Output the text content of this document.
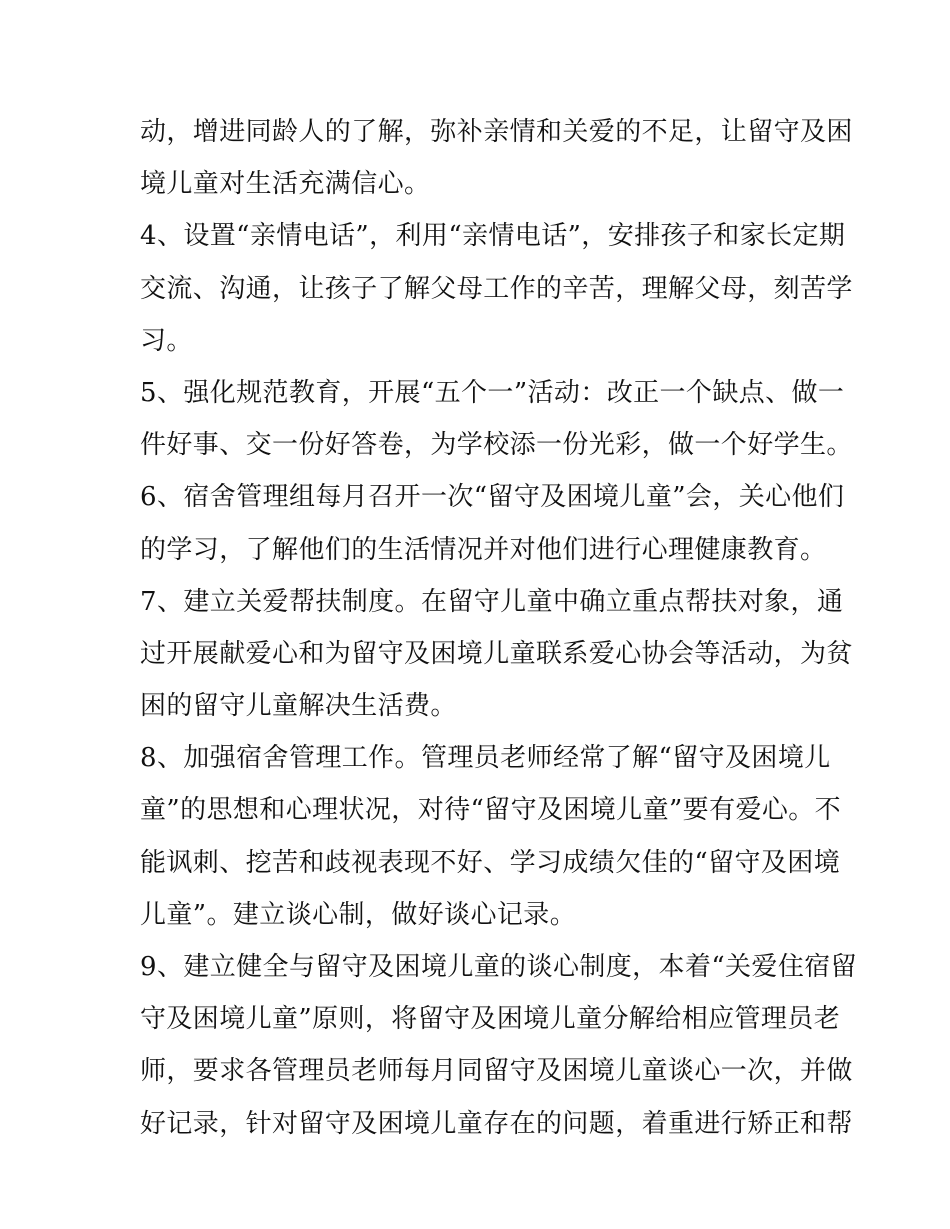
动，增进同龄人的了解，弥补亲情和关爱的不足，让留守及困
境儿童对生活充满信心。
4、设置“亲情电话”，利用“亲情电话”，安排孩子和家长定期
交流、沟通，让孩子了解父母工作的辛苦，理解父母，刻苦学
习。
5、强化规范教育，开展“五个一”活动：改正一个缺点、做一
件好事、交一份好答卷，为学校添一份光彩，做一个好学生。
6、宿舍管理组每月召开一次“留守及困境儿童”会，关心他们
的学习，了解他们的生活情况并对他们进行心理健康教育。
7、建立关爱帮扶制度。在留守儿童中确立重点帮扶对象，通
过开展献爱心和为留守及困境儿童联系爱心协会等活动，为贫
困的留守儿童解决生活费。
8、加强宿舍管理工作。管理员老师经常了解“留守及困境儿
童”的思想和心理状况，对待“留守及困境儿童”要有爱心。不
能讽刺、挖苦和歧视表现不好、学习成绩欠佳的“留守及困境
儿童”。建立谈心制，做好谈心记录。
9、建立健全与留守及困境儿童的谈心制度，本着“关爱住宿留
守及困境儿童”原则，将留守及困境儿童分解给相应管理员老
师，要求各管理员老师每月同留守及困境儿童谈心一次，并做
好记录，针对留守及困境儿童存在的问题，着重进行矫正和帮
